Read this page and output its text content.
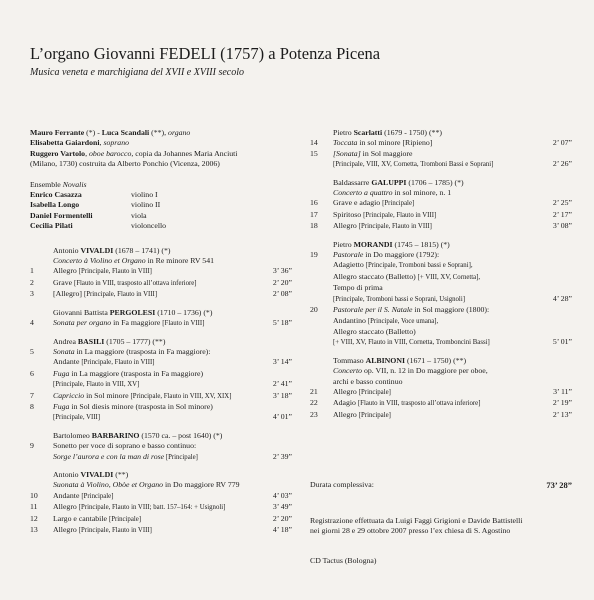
L’organo Giovanni FEDELI (1757) a Potenza Picena
Musica veneta e marchigiana del XVII e XVIII secolo
Mauro Ferrante (*) - Luca Scandali (**), organo
Elisabetta Gaiardoni, soprano
Ruggero Vartolo, oboe barocco, copia da Johannes Maria Anciuti
(Milano, 1730) costruita da Alberto Ponchio (Vicenza, 2006)
Ensemble Novalis
Enrico Casazza	violino I
Isabella Longo	violino II
Daniel Formentelli	viola
Cecilia Pilati	violoncello
Antonio VIVALDI (1678 – 1741) (*)
Concerto à Violino et Organo in Re minore RV 541
1	Allegro [Principale, Flauto in VIII]	3’ 36”
2	Grave [Flauto in VIII, trasposto all’ottava inferiore]	2’ 20”
3	[Allegro] [Principale, Flauto in VIII]	2’ 08”
Giovanni Battista PERGOLESI (1710 – 1736) (*)
4	Sonata per organo in Fa maggiore [Flauto in VIII]	5’ 18”
Andrea BASILI (1705 – 1777) (**)
5	Sonata in La maggiore (trasposta in Fa maggiore):
Andante [Principale, Flauto in VIII]	3’ 14”
6	Fuga in La maggiore (trasposta in Fa maggiore)
[Principale, Flauto in VIII, XV]	2’ 41”
7	Capriccio in Sol minore [Principale, Flauto in VIII, XV, XIX]	3’ 18”
8	Fuga in Sol diesis minore (trasposta in Sol minore)
[Principale, VIII]	4’ 01”
Bartolomeo BARBARINO (1570 ca. – post 1640) (*)
9	Sonetto per voce di soprano e basso continuo:
Sorge l’aurora e con la man di rose [Principale]	2’ 39”
Antonio VIVALDI (**)
Suonata à Violino, Obòe et Organo in Do maggiore RV 779
10	Andante [Principale]	4’ 03”
11	Allegro [Principale, Flauto in VIII; batt. 157–164: + Usignoli]	3’ 49”
12	Largo e cantabile [Principale]	2’ 20”
13	Allegro [Principale, Flauto in VIII]	4’ 18”
Pietro Scarlatti (1679 - 1750) (**)
14	Toccata in sol minore [Ripieno]	2’ 07”
15	[Sonata] in Sol maggiore
[Principale, VIII, XV, Cornetta, Tromboni Bassi e Soprani]	2’ 26”
Baldassarre GALUPPI (1706 – 1785) (*)
Concerto a quattro in sol minore, n. 1
16	Grave e adagio [Principale]	2’ 25”
17	Spiritoso [Principale, Flauto in VIII]	2’ 17”
18	Allegro [Principale, Flauto in VIII]	3’ 08”
Pietro MORANDI (1745 – 1815) (*)
19	Pastorale in Do maggiore (1792):
Adagietto [Principale, Tromboni bassi e Soprani],
Allegro staccato (Balletto) [+ VIII, XV, Cornetta],
Tempo di prima
[Principale, Tromboni bassi e Soprani, Usignoli]	4’ 28”
20	Pastorale per il S. Natale in Sol maggiore (1800):
Andantino [Principale, Voce umana],
Allegro staccato (Balletto)
[+ VIII, XV, Flauto in VIII, Cornetta, Tromboncini Bassi]	5’ 01”
Tommaso ALBINONI (1671 – 1750) (**)
Concerto op. VII, n. 12 in Do maggiore per oboe,
archi e basso continuo
21	Allegro [Principale]	3’ 11”
22	Adagio [Flauto in VIII, trasposto all’ottava inferiore]	2’ 19”
23	Allegro [Principale]	2’ 13”
Durata complessiva:	73’ 28”
Registrazione effettuata da Luigi Faggi Grigioni e Davide Battistelli
nei giorni 28 e 29 ottobre 2007 presso l’ex chiesa di S. Agostino
CD Tactus (Bologna)
